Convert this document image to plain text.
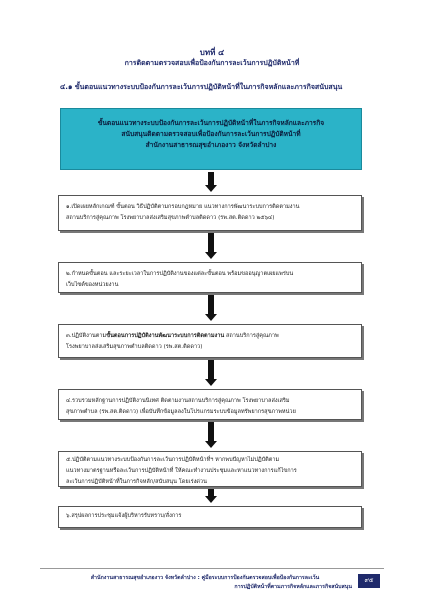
บทที่ ๔
การติดตามตรวจสอบเพื่อป้องกันการละเว้นการปฏิบัติหน้าที่
๔.๑ ขั้นตอนแนวทางระบบป้องกันการละเว้นการปฏิบัติหน้าที่ในภารกิจหลักและภารกิจสนับสนุน
ขั้นตอนแนวทางระบบป้องกันการละเว้นการปฏิบัติหน้าที่ในภารกิจหลักและภารกิจ
สนับสนุนติดตามตรวจสอบเพื่อป้องกันการละเว้นการปฏิบัติหน้าที่
สำนักงานสาธารณสุขอำเภองาว จังหวัดลำปาง
๑.เปิดเผยหลักเกณฑ์ ขั้นตอน วิธีปฏิบัติตามกรอบกฎหมาย แนวทางการพัฒนาระบบการติดตามงาน
สถานบริการสู่คุณภาพ โรงพยาบาลส่งเสริมสุขภาพตำบลติดดาว (รพ.สต.ติดดาว ๒๕๖๔)
๒.กำหนดขั้นตอน และระยะเวลาในการปฏิบัติงานของแต่ละขั้นตอน พร้อมขออนุญาตเผยแพร่บน
เว็บไซต์ของหน่วยงาน
๓.ปฏิบัติงานตามขั้นตอนการปฏิบัติงานพัฒนาระบบการติดตามงาน สถานบริการสู่คุณภาพ
โรงพยาบาลส่งเสริมสุขภาพตำบลติดดาว (รพ.สต.ติดดาว)
๔.รวบรวมหลักฐานการปฏิบัติงานนิเทศ ติดตามงานสถานบริการสู่คุณภาพ โรงพยาบาลส่งเสริม
สุขภาพตำบล (รพ.สต.ติดดาว) เพื่อบันทึกข้อมูลลงในโปรแกรมระบบข้อมูลทรัพยากรสุขภาพหน่วย
๕.ปฏิบัติตามแนวทางระบบป้องกันการละเว้นการปฏิบัติหน้าที่ฯ หากพบปัญหาไม่ปฏิบัติตาม
แนวทางมาตรฐานหรือละเว้นการปฏิบัติหน้าที่ ให้คณะทำงานประชุมและหาแนวทางการแก้ไขการ
ละเว้นการปฏิบัติหน้าที่ในภารกิจหลัก/สนับสนุน โดยเร่งด่วน
๖.สรุปผลการประชุมแจ้งผู้บริหารรับทราบ/สั่งการ
สำนักงานสาธารณสุขอำเภองาว จังหวัดลำปาง : คู่มือระบบการป้องกันตรวจสอบเพื่อป้องกันการละเว้น
การปฏิบัติหน้าที่ตามภารกิจหลักและภารกิจสนับสนุน
๙๕
